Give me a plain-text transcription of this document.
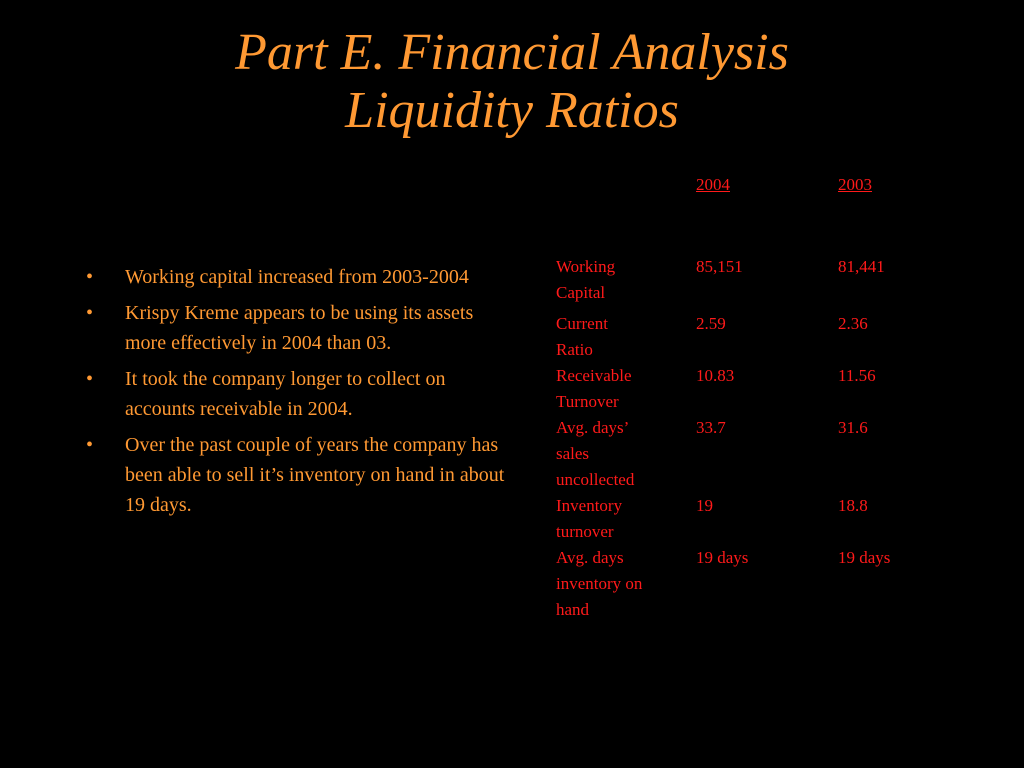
Part E. Financial Analysis
Liquidity Ratios
• Working capital increased from 2003-2004
• Krispy Kreme appears to be using its assets more effectively in 2004 than 03.
• It took the company longer to collect on accounts receivable in 2004.
• Over the past couple of years the company has been able to sell it’s inventory on hand in about 19 days.
2004	2003
Working
Capital
85,151	81,441
Current
Ratio
2.59	2.36
Receivable
Turnover
10.83	11.56
Avg. days’
sales
uncollected
33.7	31.6
Inventory
turnover
19	18.8
Avg. days
inventory on
hand
19 days	19 days
